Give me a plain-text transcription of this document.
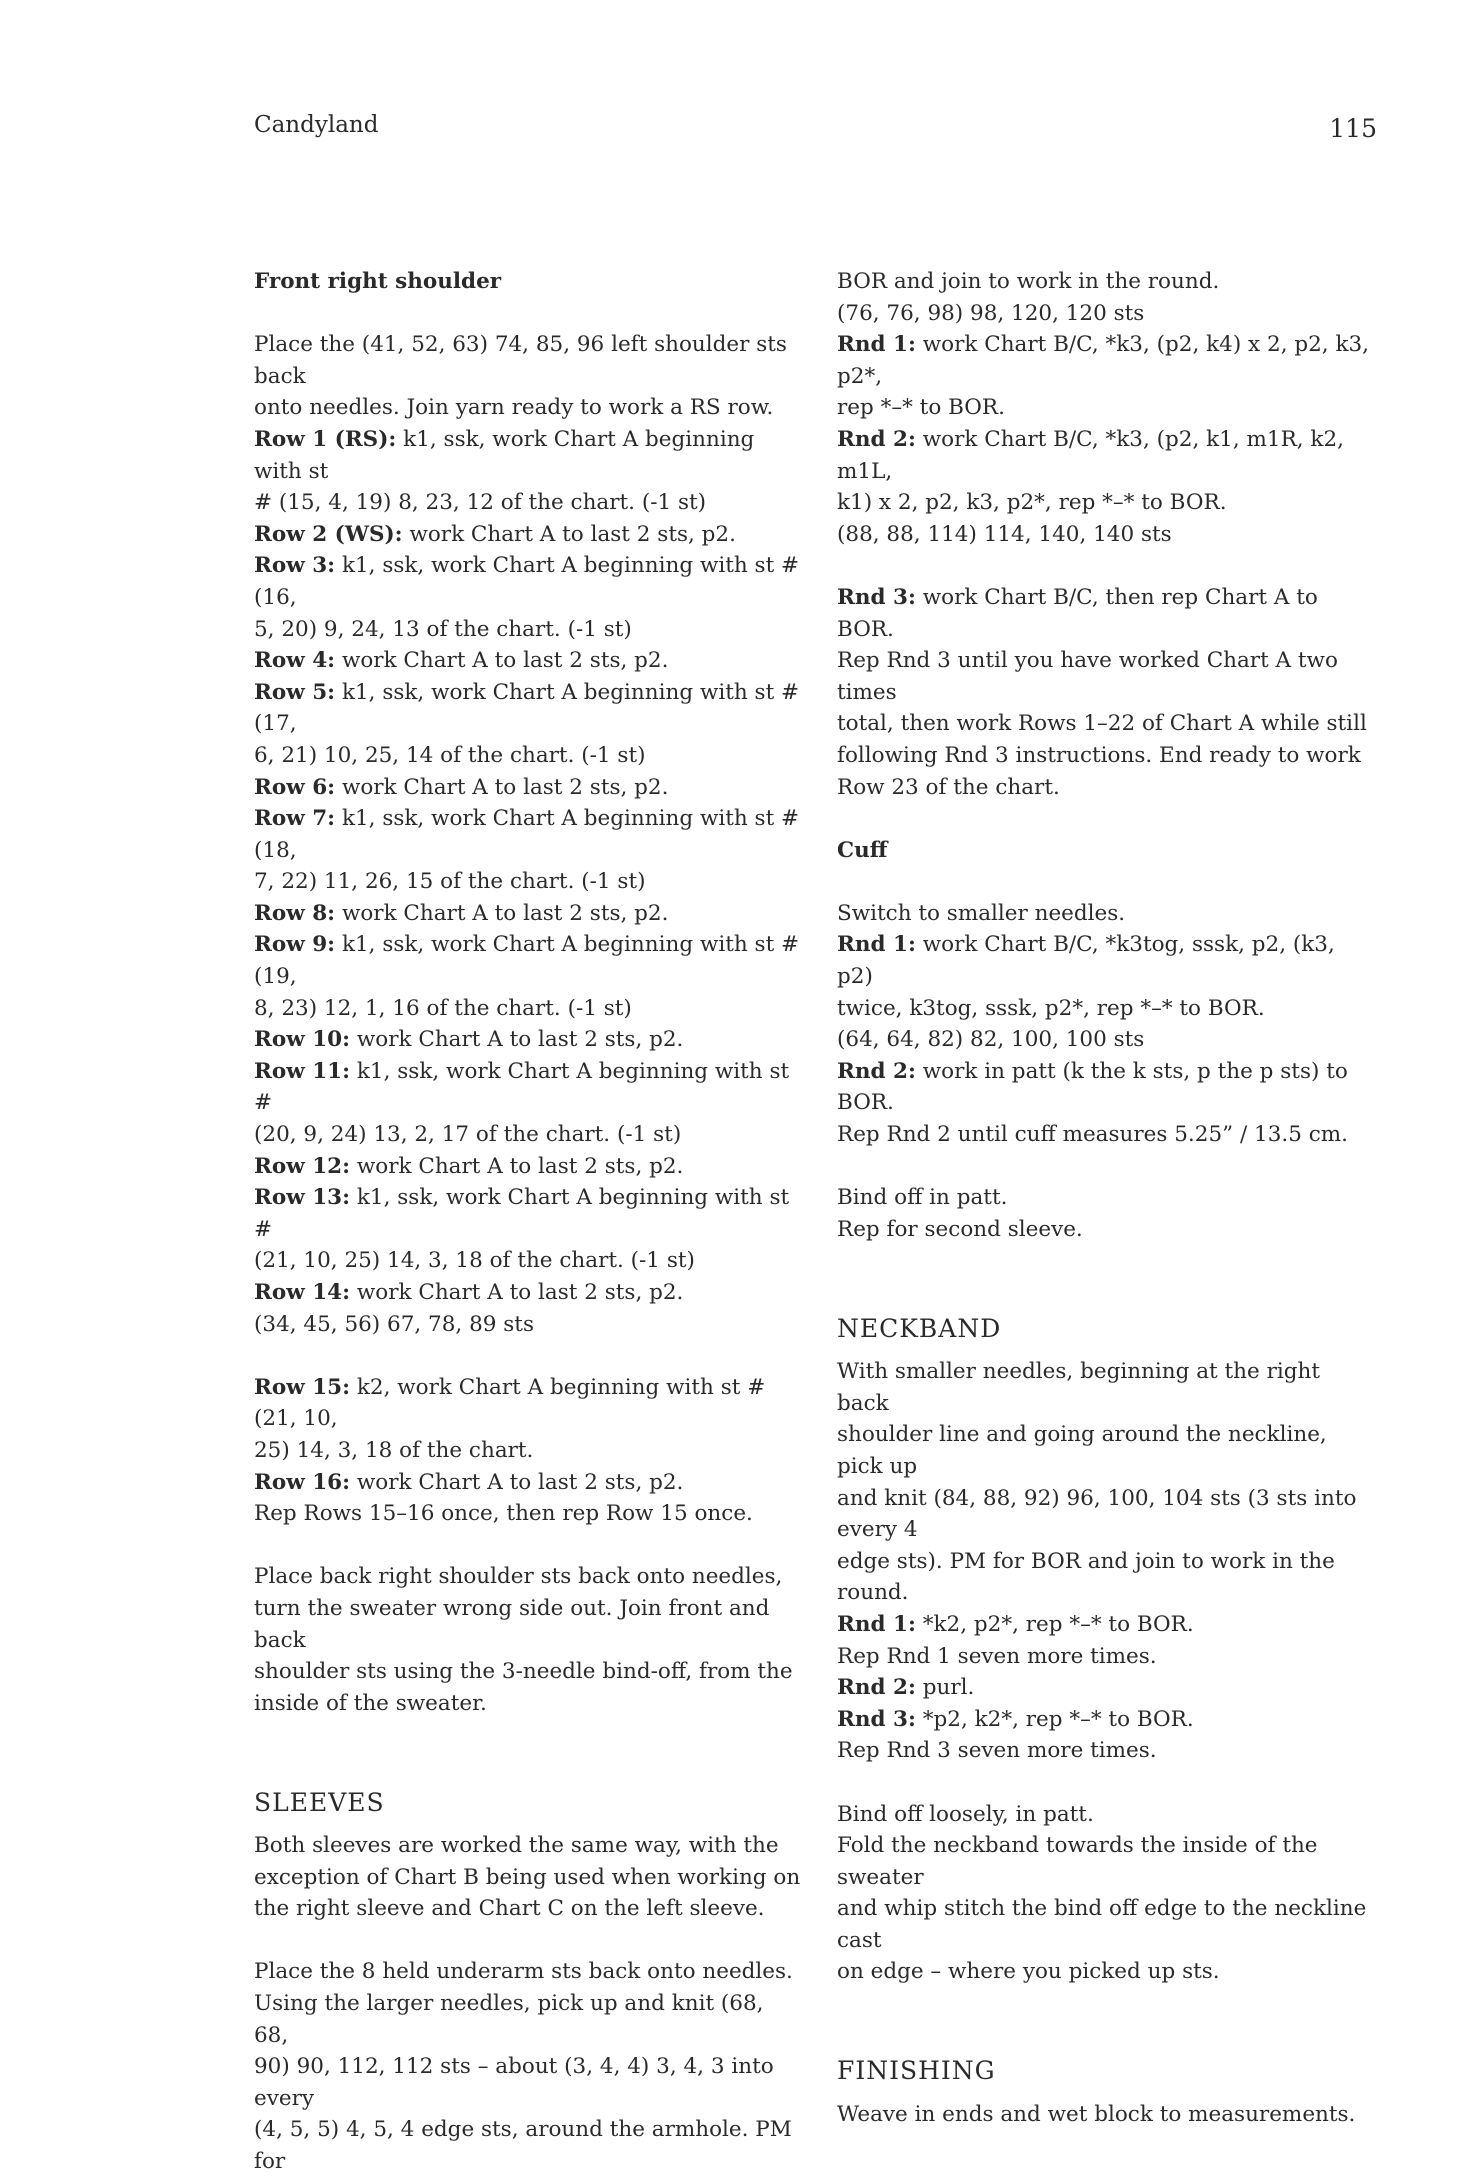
Candyland	115

Front right shoulder

Place the (41, 52, 63) 74, 85, 96 left shoulder sts back

onto needles. Join yarn ready to work a RS row.

Row 1 (RS): k1, ssk, work Chart A beginning with st

# (15, 4, 19) 8, 23, 12 of the chart. (-1 st)

Row 2 (WS): work Chart A to last 2 sts, p2.

Row 3: k1, ssk, work Chart A beginning with st # (16,

5, 20) 9, 24, 13 of the chart. (-1 st)

Row 4: work Chart A to last 2 sts, p2.

Row 5: k1, ssk, work Chart A beginning with st # (17,

6, 21) 10, 25, 14 of the chart. (-1 st)

Row 6: work Chart A to last 2 sts, p2.

Row 7: k1, ssk, work Chart A beginning with st # (18,

7, 22) 11, 26, 15 of the chart. (-1 st)

Row 8: work Chart A to last 2 sts, p2.

Row 9: k1, ssk, work Chart A beginning with st # (19,

8, 23) 12, 1, 16 of the chart. (-1 st)

Row 10: work Chart A to last 2 sts, p2.

Row 11: k1, ssk, work Chart A beginning with st #

(20, 9, 24) 13, 2, 17 of the chart. (-1 st)

Row 12: work Chart A to last 2 sts, p2.

Row 13: k1, ssk, work Chart A beginning with st #

(21, 10, 25) 14, 3, 18 of the chart. (-1 st)

Row 14: work Chart A to last 2 sts, p2.

(34, 45, 56) 67, 78, 89 sts

Row 15: k2, work Chart A beginning with st # (21, 10,

25) 14, 3, 18 of the chart.

Row 16: work Chart A to last 2 sts, p2.

Rep Rows 15–16 once, then rep Row 15 once.

Place back right shoulder sts back onto needles,

turn the sweater wrong side out. Join front and back

shoulder sts using the 3-needle bind-off, from the

inside of the sweater.

SLEEVES

Both sleeves are worked the same way, with the

exception of Chart B being used when working on

the right sleeve and Chart C on the left sleeve.

Place the 8 held underarm sts back onto needles.

Using the larger needles, pick up and knit (68, 68,

90) 90, 112, 112 sts – about (3, 4, 4) 3, 4, 3 into every

(4, 5, 5) 4, 5, 4 edge sts, around the armhole. PM for

BOR and join to work in the round.

(76, 76, 98) 98, 120, 120 sts

Rnd 1: work Chart B/C, *k3, (p2, k4) x 2, p2, k3, p2*,

rep *–* to BOR.

Rnd 2: work Chart B/C, *k3, (p2, k1, m1R, k2, m1L,

k1) x 2, p2, k3, p2*, rep *–* to BOR.

(88, 88, 114) 114, 140, 140 sts

Rnd 3: work Chart B/C, then rep Chart A to BOR.

Rep Rnd 3 until you have worked Chart A two times

total, then work Rows 1–22 of Chart A while still

following Rnd 3 instructions. End ready to work

Row 23 of the chart.

Cuff

Switch to smaller needles.

Rnd 1: work Chart B/C, *k3tog, sssk, p2, (k3, p2)

twice, k3tog, sssk, p2*, rep *–* to BOR.

(64, 64, 82) 82, 100, 100 sts

Rnd 2: work in patt (k the k sts, p the p sts) to BOR.

Rep Rnd 2 until cuff measures 5.25” / 13.5 cm.

Bind off in patt.

Rep for second sleeve.

NECKBAND

With smaller needles, beginning at the right back

shoulder line and going around the neckline, pick up

and knit (84, 88, 92) 96, 100, 104 sts (3 sts into every 4

edge sts). PM for BOR and join to work in the round.

Rnd 1: *k2, p2*, rep *–* to BOR.

Rep Rnd 1 seven more times.

Rnd 2: purl.

Rnd 3: *p2, k2*, rep *–* to BOR.

Rep Rnd 3 seven more times.

Bind off loosely, in patt.

Fold the neckband towards the inside of the sweater

and whip stitch the bind off edge to the neckline cast

on edge – where you picked up sts.

FINISHING

Weave in ends and wet block to measurements.
